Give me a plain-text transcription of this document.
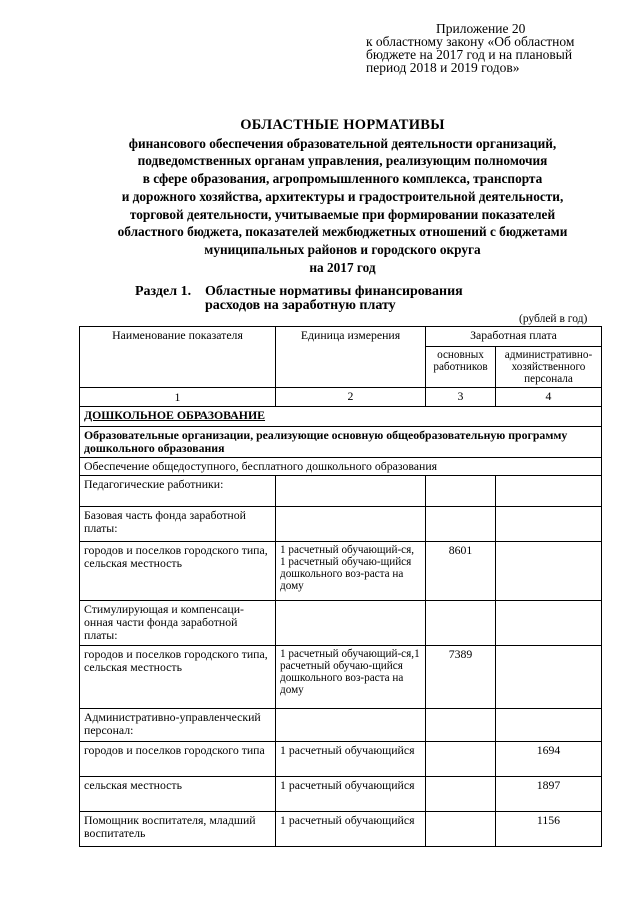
Приложение 20
к областному закону «Об областном
бюджете на 2017 год и на плановый
период 2018 и 2019 годов»
ОБЛАСТНЫЕ НОРМАТИВЫ
финансового обеспечения образовательной деятельности организаций,
подведомственных органам управления, реализующим полномочия
в сфере образования, агропромышленного комплекса, транспорта
и дорожного хозяйства, архитектуры и градостроительной деятельности,
торговой деятельности, учитываемые при формировании показателей
областного бюджета, показателей межбюджетных отношений с бюджетами
муниципальных районов и городского округа
на 2017 год
Раздел 1. Областные нормативы финансирования
расходов на заработную плату
(рублей в год)
Наименование показателя	Единица измерения	Заработная плата	
		основных работников	административно-хозяйственного персонала
1	2	3	4
ДОШКОЛЬНОЕ ОБРАЗОВАНИЕ			
Образовательные организации, реализующие основную общеобразовательную программу дошкольного образования			
Обеспечение общедоступного, бесплатного дошкольного образования			
Педагогические работники:			
Базовая часть фонда заработной платы:			
городов и поселков городского типа, сельская местность	1 расчетный обучающий-ся, 1 расчетный обучаю-щийся дошкольного воз-раста на дому	8601	
Стимулирующая и компенсаци-онная части фонда заработной платы:			
городов и поселков городского типа, сельская местность	1 расчетный обучающий-ся,1 расчетный обучаю-щийся дошкольного воз-раста на дому	7389	
Административно-управленческий персонал:			
городов и поселков городского типа	1 расчетный обучающийся		1694
сельская местность	1 расчетный обучающийся		1897
Помощник воспитателя, младший воспитатель	1 расчетный обучающийся		1156
